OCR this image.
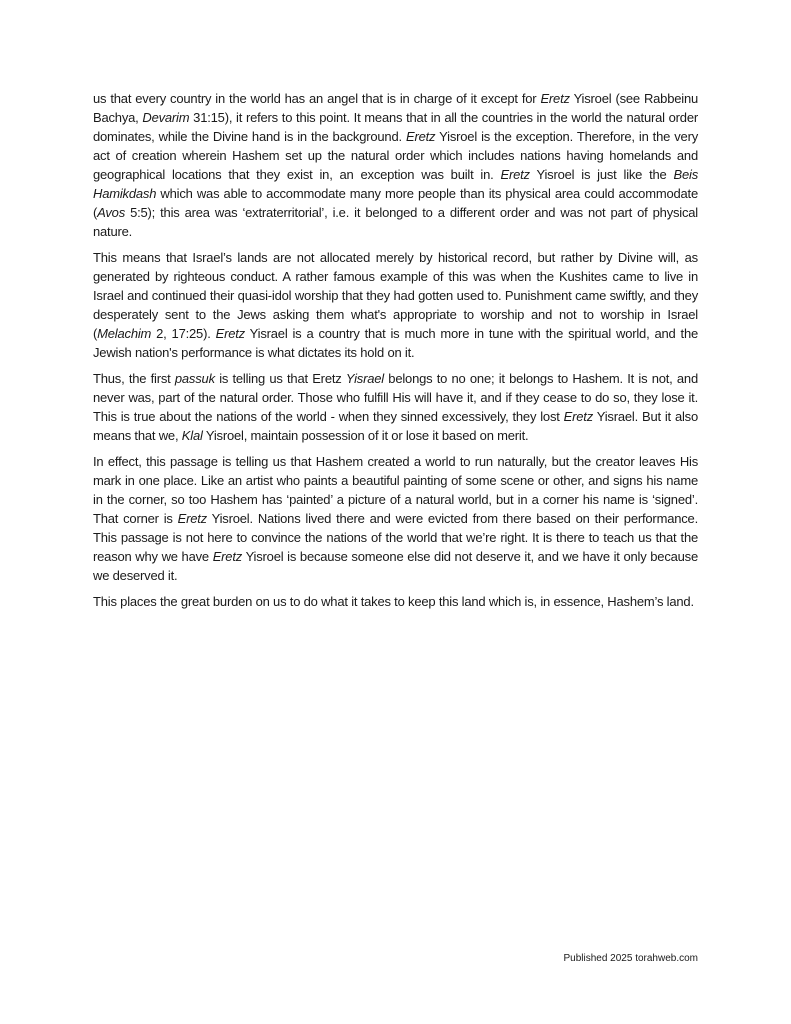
us that every country in the world has an angel that is in charge of it except for Eretz Yisroel (see Rabbeinu Bachya, Devarim 31:15), it refers to this point. It means that in all the countries in the world the natural order dominates, while the Divine hand is in the background. Eretz Yisroel is the exception. Therefore, in the very act of creation wherein Hashem set up the natural order which includes nations having homelands and geographical locations that they exist in, an exception was built in. Eretz Yisroel is just like the Beis Hamikdash which was able to accommodate many more people than its physical area could accommodate (Avos 5:5); this area was ‘extraterritorial’, i.e. it belonged to a different order and was not part of physical nature.

This means that Israel’s lands are not allocated merely by historical record, but rather by Divine will, as generated by righteous conduct. A rather famous example of this was when the Kushites came to live in Israel and continued their quasi-idol worship that they had gotten used to. Punishment came swiftly, and they desperately sent to the Jews asking them what's appropriate to worship and not to worship in Israel (Melachim 2, 17:25). Eretz Yisrael is a country that is much more in tune with the spiritual world, and the Jewish nation's performance is what dictates its hold on it.

Thus, the first passuk is telling us that Eretz Yisrael belongs to no one; it belongs to Hashem. It is not, and never was, part of the natural order. Those who fulfill His will have it, and if they cease to do so, they lose it. This is true about the nations of the world - when they sinned excessively, they lost Eretz Yisrael. But it also means that we, Klal Yisroel, maintain possession of it or lose it based on merit.

In effect, this passage is telling us that Hashem created a world to run naturally, but the creator leaves His mark in one place. Like an artist who paints a beautiful painting of some scene or other, and signs his name in the corner, so too Hashem has ‘painted’ a picture of a natural world, but in a corner his name is ‘signed’. That corner is Eretz Yisroel. Nations lived there and were evicted from there based on their performance. This passage is not here to convince the nations of the world that we’re right. It is there to teach us that the reason why we have Eretz Yisroel is because someone else did not deserve it, and we have it only because we deserved it.

This places the great burden on us to do what it takes to keep this land which is, in essence, Hashem’s land.

Published 2025 torahweb.com
